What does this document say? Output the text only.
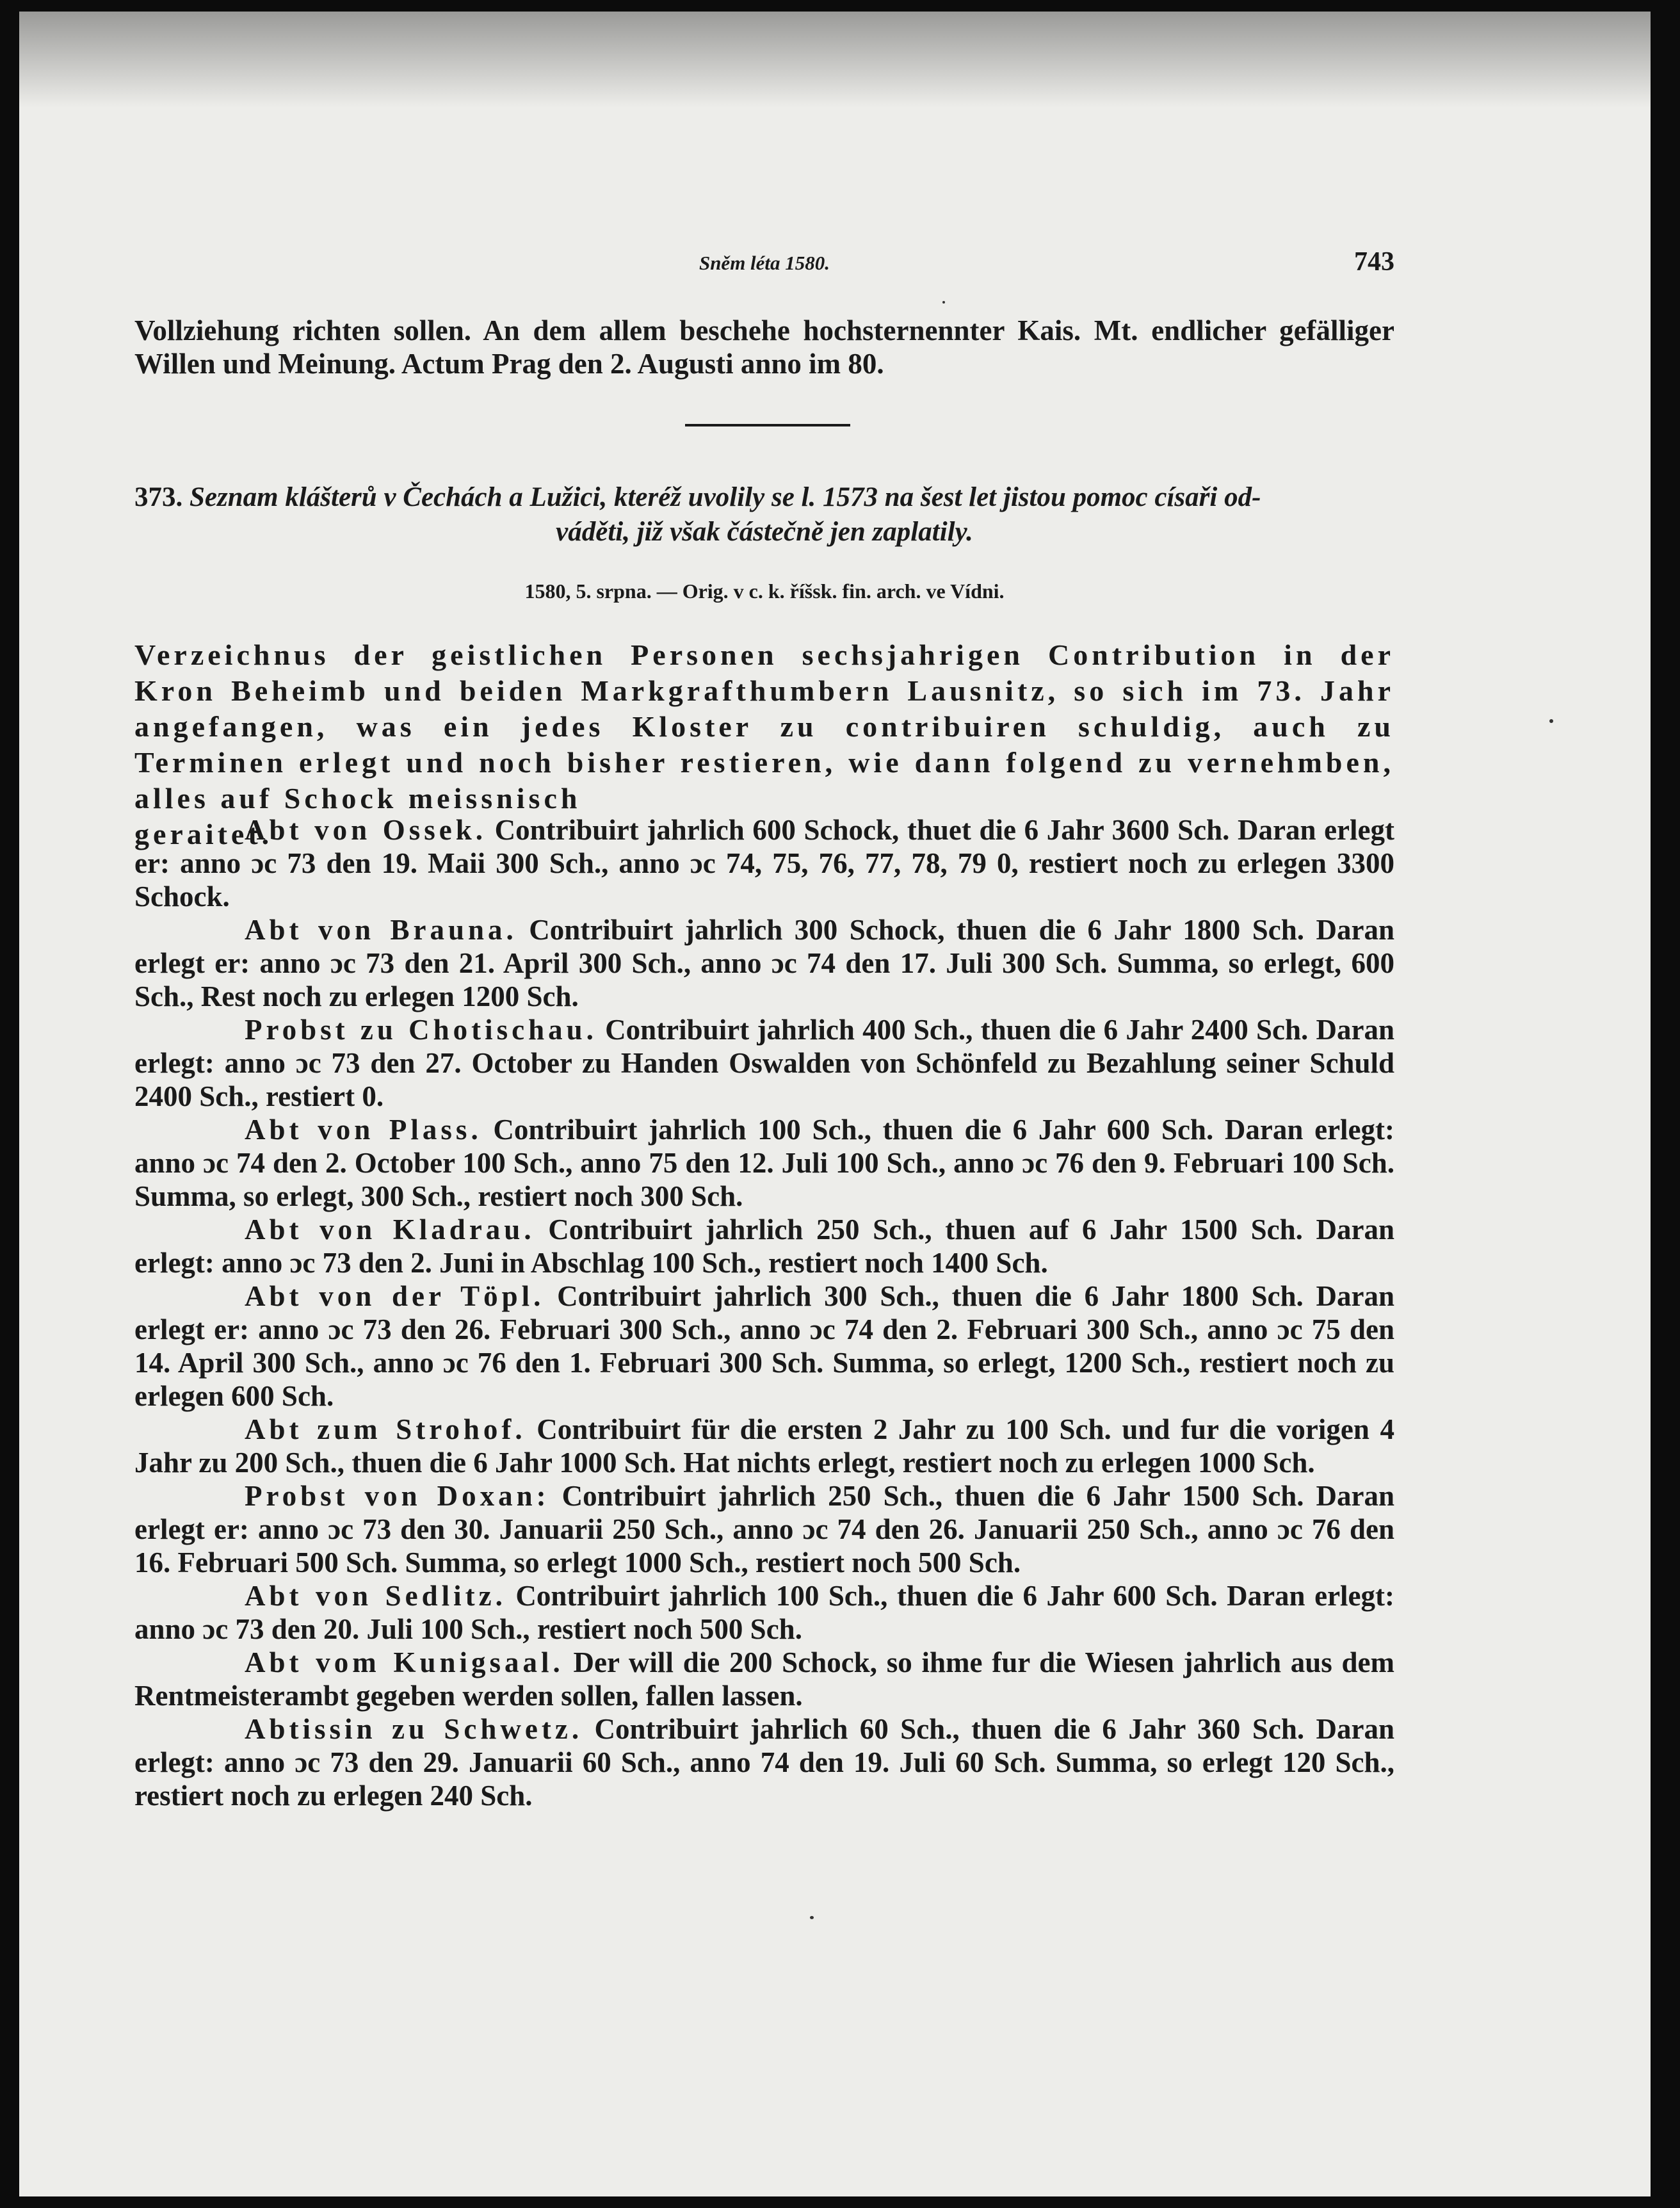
Sněm léta 1580.	743

Vollziehung richten sollen. An dem allem beschehe hochsternennter Kais. Mt. endlicher gefälliger Willen und Meinung. Actum Prag den 2. Augusti anno im 80.

373. Seznam klášterů v Čechách a Lužici, kteréž uvolily se l. 1573 na šest let jistou pomoc císaři od-
váděti, již však částečně jen zaplatily.

1580, 5. srpna. — Orig. v c. k. říšsk. fin. arch. ve Vídni.

Verzeichnus der geistlichen Personen sechsjahrigen Contribution in der Kron Beheimb und beiden Markgrafthumbern Lausnitz, so sich im 73. Jahr angefangen, was ein jedes Kloster zu contribuiren schuldig, auch zu Terminen erlegt und noch bisher restieren, wie dann folgend zu vernehmben, alles auf Schock meissnisch
geraitet.

Abt von Ossek. Contribuirt jahrlich 600 Schock, thuet die 6 Jahr 3600 Sch. Daran erlegt er: anno ɔc 73 den 19. Maii 300 Sch., anno ɔc 74, 75, 76, 77, 78, 79 0, restiert noch zu erlegen 3300 Schock.

Abt von Brauna. Contribuirt jahrlich 300 Schock, thuen die 6 Jahr 1800 Sch. Daran erlegt er: anno ɔc 73 den 21. April 300 Sch., anno ɔc 74 den 17. Juli 300 Sch. Summa, so erlegt, 600 Sch., Rest noch zu erlegen 1200 Sch.

Probst zu Chotischau. Contribuirt jahrlich 400 Sch., thuen die 6 Jahr 2400 Sch. Daran erlegt: anno ɔc 73 den 27. October zu Handen Oswalden von Schönfeld zu Bezahlung seiner Schuld 2400 Sch., restiert 0.

Abt von Plass. Contribuirt jahrlich 100 Sch., thuen die 6 Jahr 600 Sch. Daran erlegt: anno ɔc 74 den 2. October 100 Sch., anno 75 den 12. Juli 100 Sch., anno ɔc 76 den 9. Februari 100 Sch. Summa, so erlegt, 300 Sch., restiert noch 300 Sch.

Abt von Kladrau. Contribuirt jahrlich 250 Sch., thuen auf 6 Jahr 1500 Sch. Daran erlegt: anno ɔc 73 den 2. Juni in Abschlag 100 Sch., restiert noch 1400 Sch.

Abt von der Töpl. Contribuirt jahrlich 300 Sch., thuen die 6 Jahr 1800 Sch. Daran erlegt er: anno ɔc 73 den 26. Februari 300 Sch., anno ɔc 74 den 2. Februari 300 Sch., anno ɔc 75 den 14. April 300 Sch., anno ɔc 76 den 1. Februari 300 Sch. Summa, so erlegt, 1200 Sch., restiert noch zu erlegen 600 Sch.

Abt zum Strohof. Contribuirt für die ersten 2 Jahr zu 100 Sch. und fur die vorigen 4 Jahr zu 200 Sch., thuen die 6 Jahr 1000 Sch. Hat nichts erlegt, restiert noch zu erlegen 1000 Sch.

Probst von Doxan: Contribuirt jahrlich 250 Sch., thuen die 6 Jahr 1500 Sch. Daran erlegt er: anno ɔc 73 den 30. Januarii 250 Sch., anno ɔc 74 den 26. Januarii 250 Sch., anno ɔc 76 den 16. Februari 500 Sch. Summa, so erlegt 1000 Sch., restiert noch 500 Sch.

Abt von Sedlitz. Contribuirt jahrlich 100 Sch., thuen die 6 Jahr 600 Sch. Daran erlegt: anno ɔc 73 den 20. Juli 100 Sch., restiert noch 500 Sch.

Abt vom Kunigsaal. Der will die 200 Schock, so ihme fur die Wiesen jahrlich aus dem Rentmeisterambt gegeben werden sollen, fallen lassen.

Abtissin zu Schwetz. Contribuirt jahrlich 60 Sch., thuen die 6 Jahr 360 Sch. Daran erlegt: anno ɔc 73 den 29. Januarii 60 Sch., anno 74 den 19. Juli 60 Sch. Summa, so erlegt 120 Sch., restiert noch zu erlegen 240 Sch.
